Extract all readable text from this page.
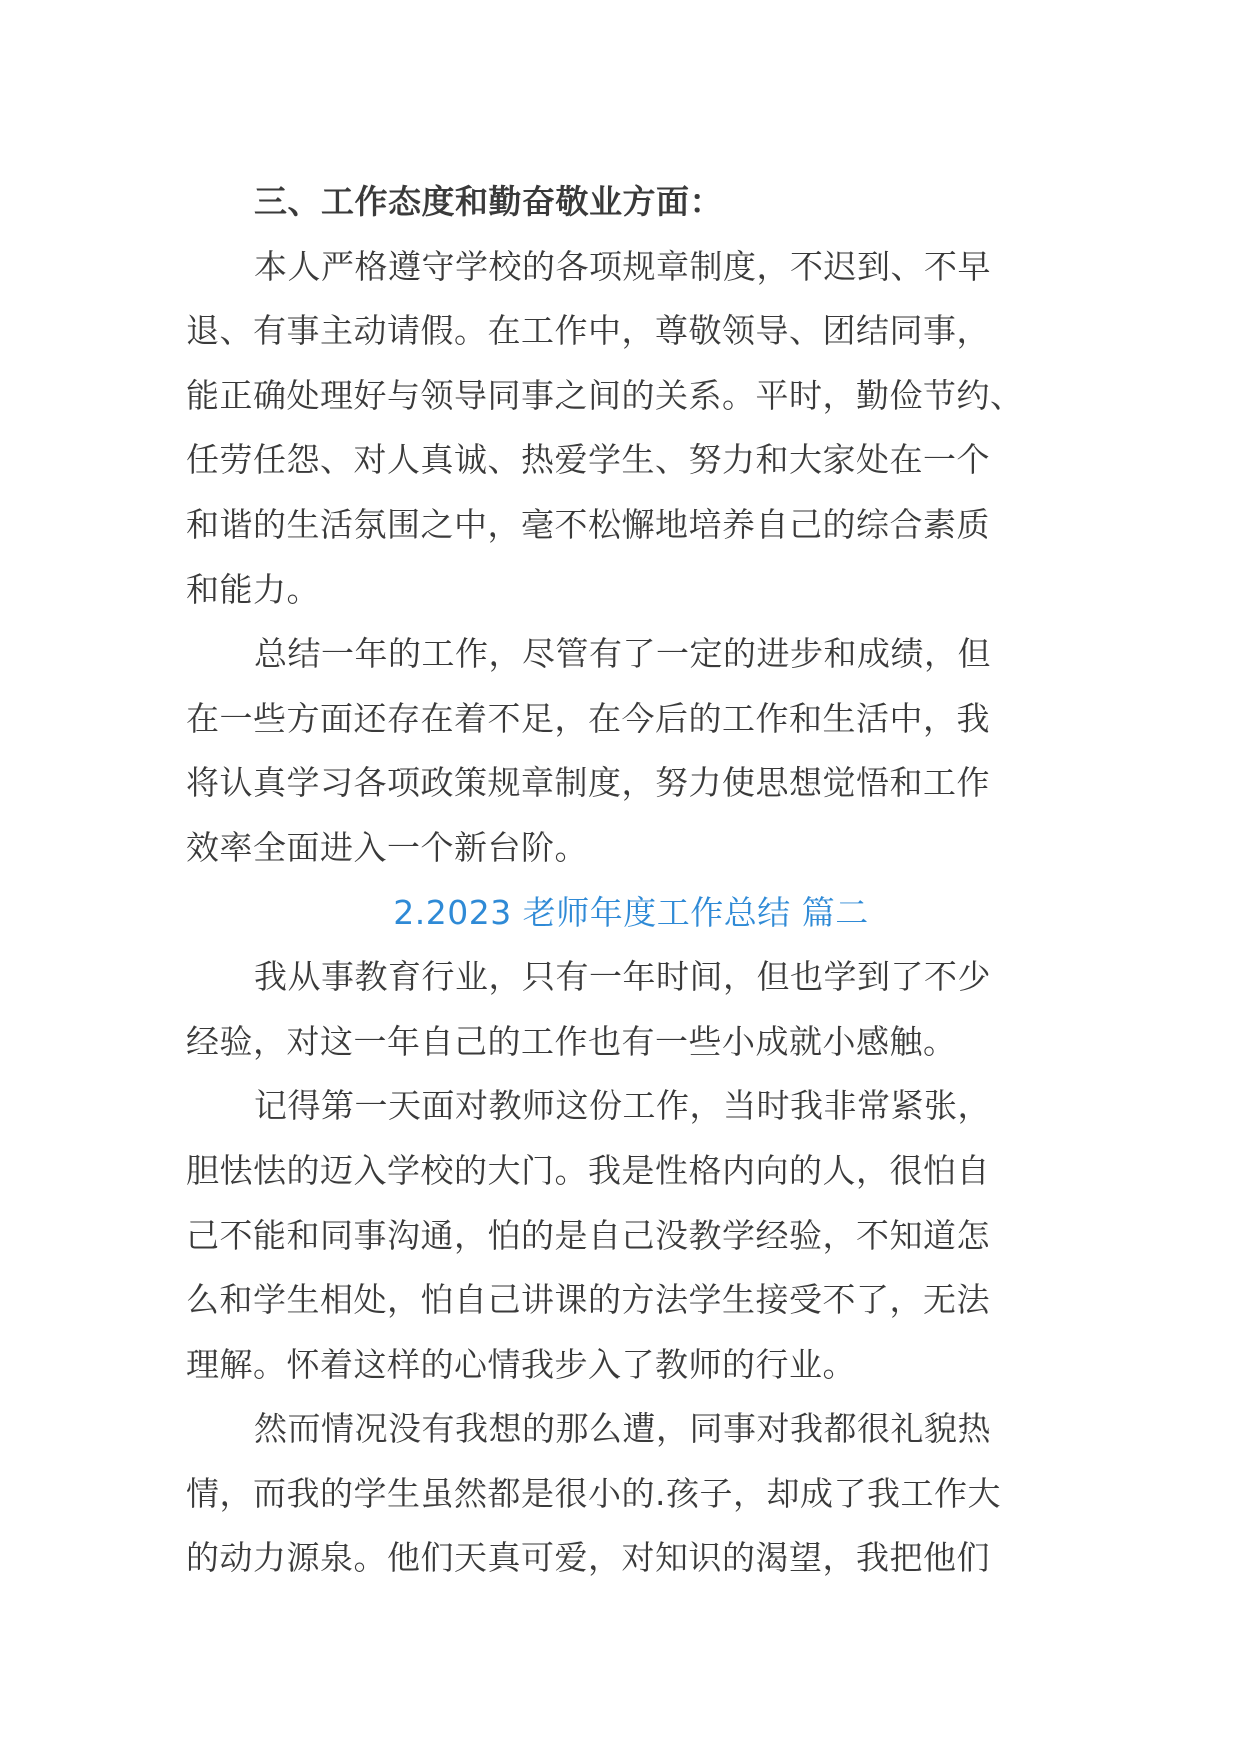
三、工作态度和勤奋敬业方面：
本人严格遵守学校的各项规章制度，不迟到、不早
退、有事主动请假。在工作中，尊敬领导、团结同事，
能正确处理好与领导同事之间的关系。平时，勤俭节约、
任劳任怨、对人真诚、热爱学生、努力和大家处在一个
和谐的生活氛围之中，毫不松懈地培养自己的综合素质
和能力。
总结一年的工作，尽管有了一定的进步和成绩，但
在一些方面还存在着不足，在今后的工作和生活中，我
将认真学习各项政策规章制度，努力使思想觉悟和工作
效率全面进入一个新台阶。
2.2023 老师年度工作总结 篇二
我从事教育行业，只有一年时间，但也学到了不少
经验，对这一年自己的工作也有一些小成就小感触。
记得第一天面对教师这份工作，当时我非常紧张，
胆怯怯的迈入学校的大门。我是性格内向的人，很怕自
己不能和同事沟通，怕的是自己没教学经验，不知道怎
么和学生相处，怕自己讲课的方法学生接受不了，无法
理解。怀着这样的心情我步入了教师的行业。
然而情况没有我想的那么遭，同事对我都很礼貌热
情，而我的学生虽然都是很小的.孩子，却成了我工作大
的动力源泉。他们天真可爱，对知识的渴望，我把他们
